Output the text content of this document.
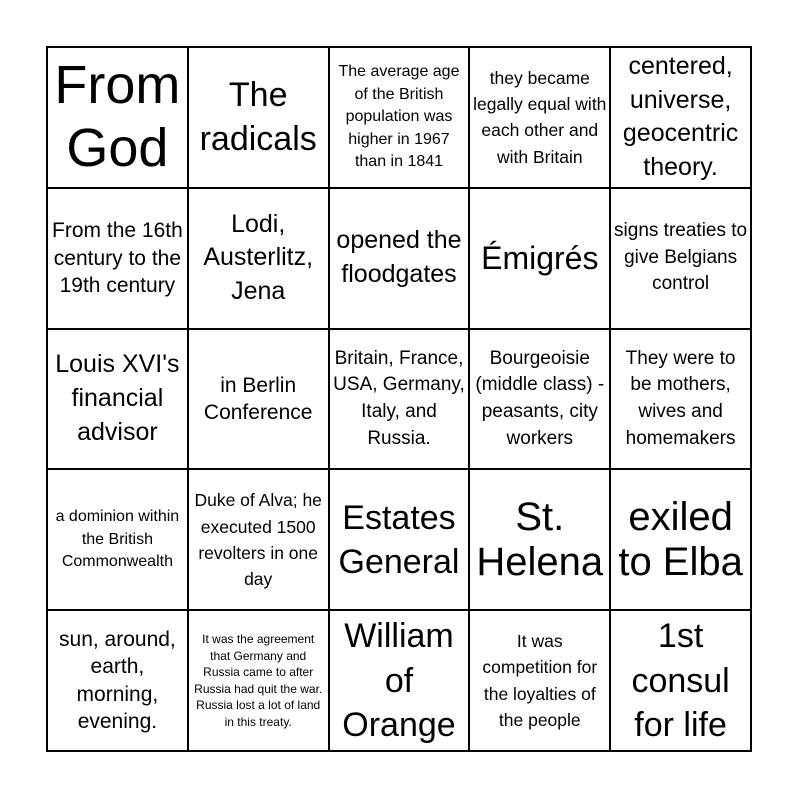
From God
The radicals
The average age of the British population was higher in 1967 than in 1841
they became legally equal with each other and with Britain
centered, universe, geocentric theory.
From the 16th century to the 19th century
Lodi, Austerlitz, Jena
opened the floodgates Émigrés
signs treaties to give Belgians control
Louis XVI's financial advisor
in Berlin Conference
Britain, France, USA, Germany, Italy, and Russia.
Bourgeoisie (middle class) - peasants, city workers
They were to be mothers, wives and homemakers
a dominion within the British Commonwealth
Duke of Alva; he executed 1500 revolters in one day
Estates General
St. Helena
exiled to Elba
sun, around, earth, morning, evening.
It was the agreement that Germany and Russia came to after Russia had quit the war. Russia lost a lot of land in this treaty.
William of Orange
It was competition for the loyalties of the people
1st consul for life
